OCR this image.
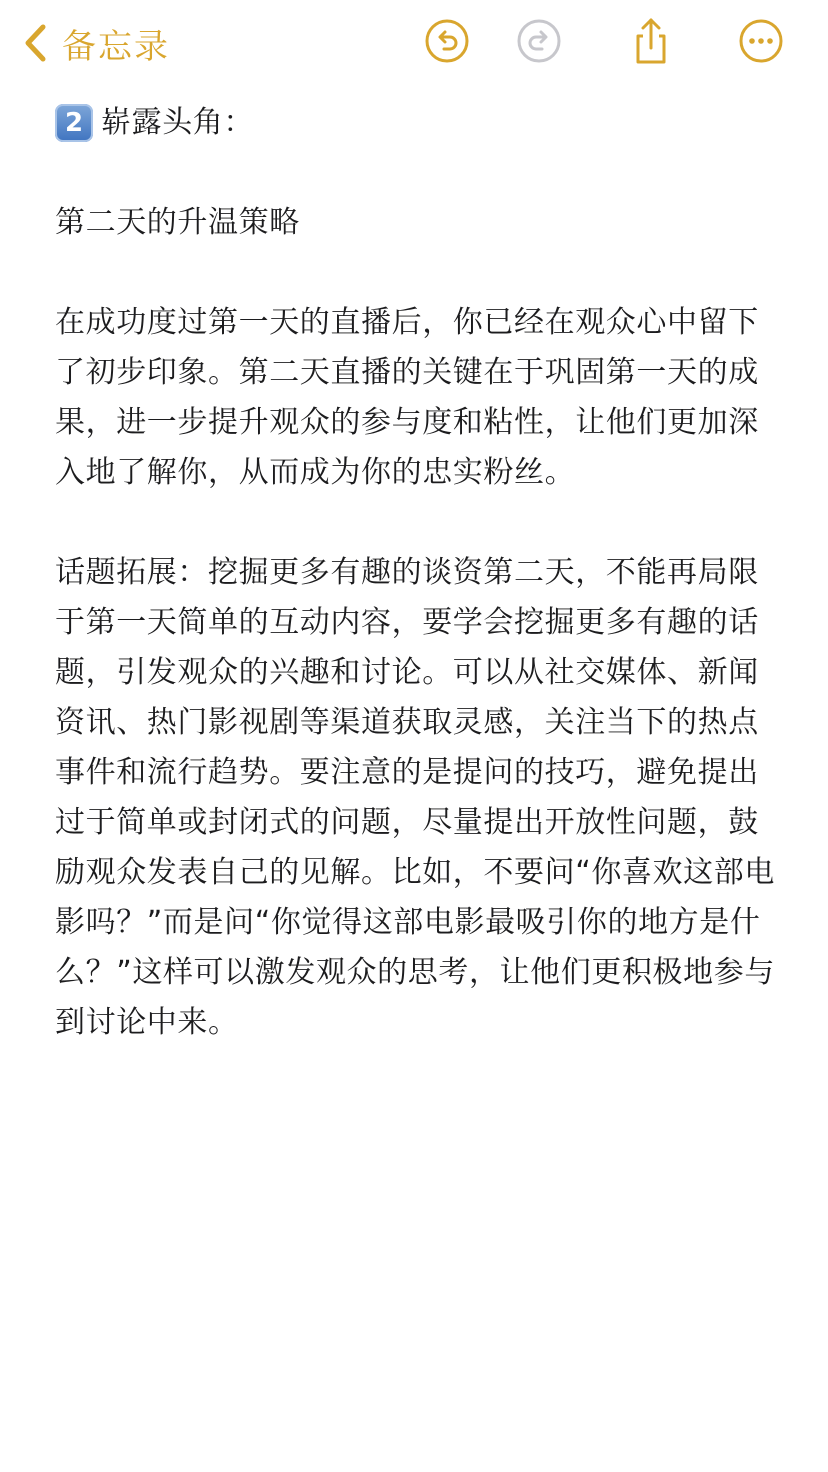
备忘录
2 崭露头角：

第二天的升温策略

在成功度过第一天的直播后，你已经在观众心中留下了初步印象。第二天直播的关键在于巩固第一天的成果，进一步提升观众的参与度和粘性，让他们更加深入地了解你，从而成为你的忠实粉丝。

话题拓展：挖掘更多有趣的谈资第二天，不能再局限于第一天简单的互动内容，要学会挖掘更多有趣的话题，引发观众的兴趣和讨论。可以从社交媒体、新闻资讯、热门影视剧等渠道获取灵感，关注当下的热点事件和流行趋势。要注意的是提问的技巧，避免提出过于简单或封闭式的问题，尽量提出开放性问题，鼓励观众发表自己的见解。比如，不要问“你喜欢这部电影吗？”而是问“你觉得这部电影最吸引你的地方是什么？”这样可以激发观众的思考，让他们更积极地参与到讨论中来。
